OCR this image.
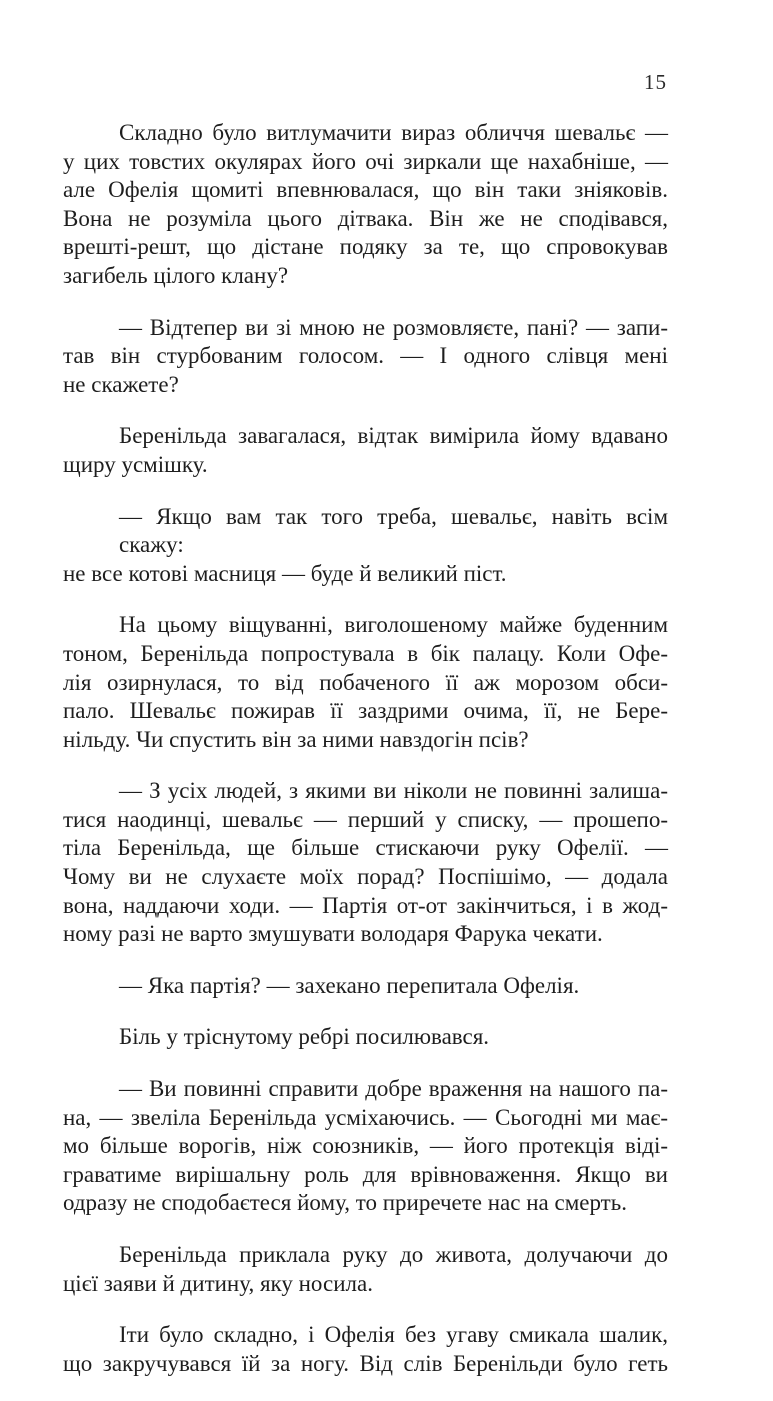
15

Складно було витлумачити вираз обличчя шевальє —
у цих товстих окулярах його очі зиркали ще нахабніше, —
але Офелія щомиті впевнювалася, що він таки зніяковів.
Вона не розуміла цього дітвака. Він же не сподівався,
врешті-решт, що дістане подяку за те, що спровокував
загибель цілого клану?

— Відтепер ви зі мною не розмовляєте, пані? — запи-
тав він стурбованим голосом. — І одного слівця мені
не скажете?

Беренільда завагалася, відтак вимірила йому вдавано
щиру усмішку.

— Якщо вам так того треба, шевальє, навіть всім скажу:
не все котові масниця — буде й великий піст.

На цьому віщуванні, виголошеному майже буденним
тоном, Беренільда попростувала в бік палацу. Коли Офе-
лія озирнулася, то від побаченого її аж морозом обси-
пало. Шевальє пожирав її заздрими очима, її, не Бере-
нільду. Чи спустить він за ними навздогін псів?

— З усіх людей, з якими ви ніколи не повинні залиша-
тися наодинці, шевальє — перший у списку, — прошепо-
тіла Беренільда, ще більше стискаючи руку Офелії. —
Чому ви не слухаєте моїх порад? Поспішімо, — додала
вона, наддаючи ходи. — Партія от-от закінчиться, і в жод-
ному разі не варто змушувати володаря Фарука чекати.

— Яка партія? — захекано перепитала Офелія.

Біль у тріснутому ребрі посилювався.

— Ви повинні справити добре враження на нашого па-
на, — звеліла Беренільда усміхаючись. — Сьогодні ми має-
мо більше ворогів, ніж союзників, — його протекція віді-
граватиме вирішальну роль для врівноваження. Якщо ви
одразу не сподобаєтеся йому, то приречете нас на смерть.

Беренільда приклала руку до живота, долучаючи до
цієї заяви й дитину, яку носила.

Іти було складно, і Офелія без угаву смикала шалик,
що закручувався їй за ногу. Від слів Беренільди було геть
